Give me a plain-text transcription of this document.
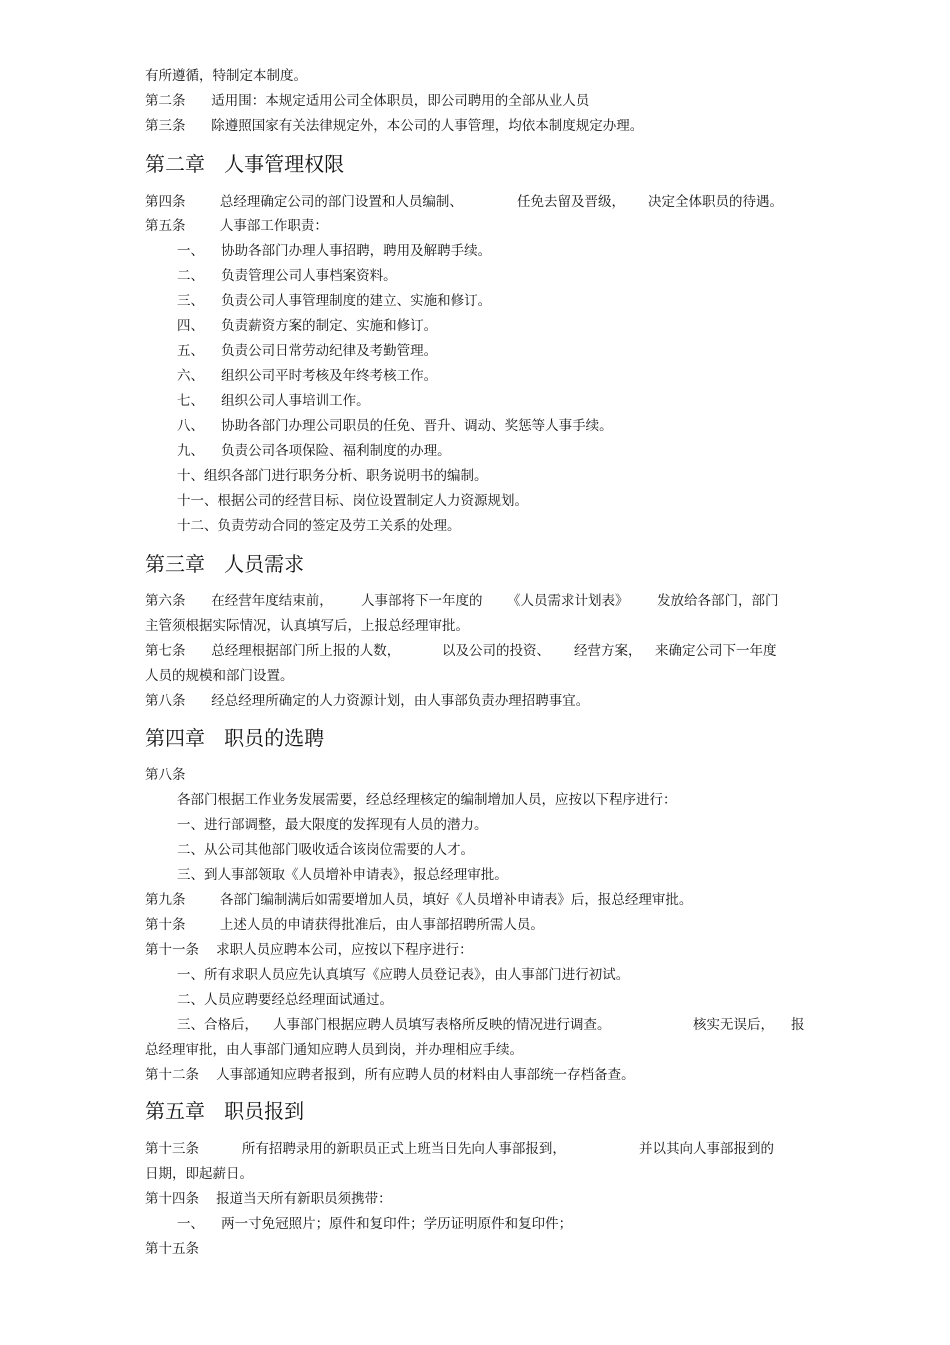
有所遵循，特制定本制度。
第二条      适用围：本规定适用公司全体职员，即公司聘用的全部从业人员
第三条      除遵照国家有关法律规定外，本公司的人事管理，均依本制度规定办理。
第二章   人事管理权限

第四条        总经理确定公司的部门设置和人员编制、

	任免去留及晋级，

决定全体职员的待遇。

第五条        人事部工作职责：
一、    协助各部门办理人事招聘，聘用及解聘手续。
二、    负责管理公司人事档案资料。
三、    负责公司人事管理制度的建立、实施和修订。
四、    负责薪资方案的制定、实施和修订。
五、    负责公司日常劳动纪律及考勤管理。
六、    组织公司平时考核及年终考核工作。
七、    组织公司人事培训工作。
八、    协助各部门办理公司职员的任免、晋升、调动、奖惩等人事手续。
九、    负责公司各项保险、福利制度的办理。
十、组织各部门进行职务分析、职务说明书的编制。
十一、根据公司的经营目标、岗位设置制定人力资源规划。
十二、负责劳动合同的签定及劳工关系的处理。
第三章   人员需求

第六条      在经营年度结束前，

人事部将下一年度的

《人员需求计划表》

发放给各部门，部门

主管须根据实际情况，认真填写后，上报总经理审批。

第七条      总经理根据部门所上报的人数，

	以及公司的投资、

经营方案，

来确定公司下一年度

人员的规模和部门设置。
第八条      经总经理所确定的人力资源计划，由人事部负责办理招聘事宜。
第四章   职员的选聘
第八条
各部门根据工作业务发展需要，经总经理核定的编制增加人员，应按以下程序进行：
一、进行部调整，最大限度的发挥现有人员的潜力。
二、从公司其他部门吸收适合该岗位需要的人才。
三、到人事部领取《人员增补申请表》，报总经理审批。
第九条        各部门编制满后如需要增加人员，填好《人员增补申请表》后，报总经理审批。
第十条        上述人员的申请获得批准后，由人事部招聘所需人员。
第十一条    求职人员应聘本公司，应按以下程序进行：
一、所有求职人员应先认真填写《应聘人员登记表》，由人事部门进行初试。
二、人员应聘要经总经理面试通过。

三、合格后，

人事部门根据应聘人员填写表格所反映的情况进行调查。

	核实无误后，

报

总经理审批，由人事部门通知应聘人员到岗，并办理相应手续。
第十二条    人事部通知应聘者报到，所有应聘人员的材料由人事部统一存档备查。
第五章   职员报到

第十三条          所有招聘录用的新职员正式上班当日先向人事部报到，

	并以其向人事部报到的

日期，即起薪日。
第十四条    报道当天所有新职员须携带：
一、    两一寸免冠照片；原件和复印件；学历证明原件和复印件；
第十五条
